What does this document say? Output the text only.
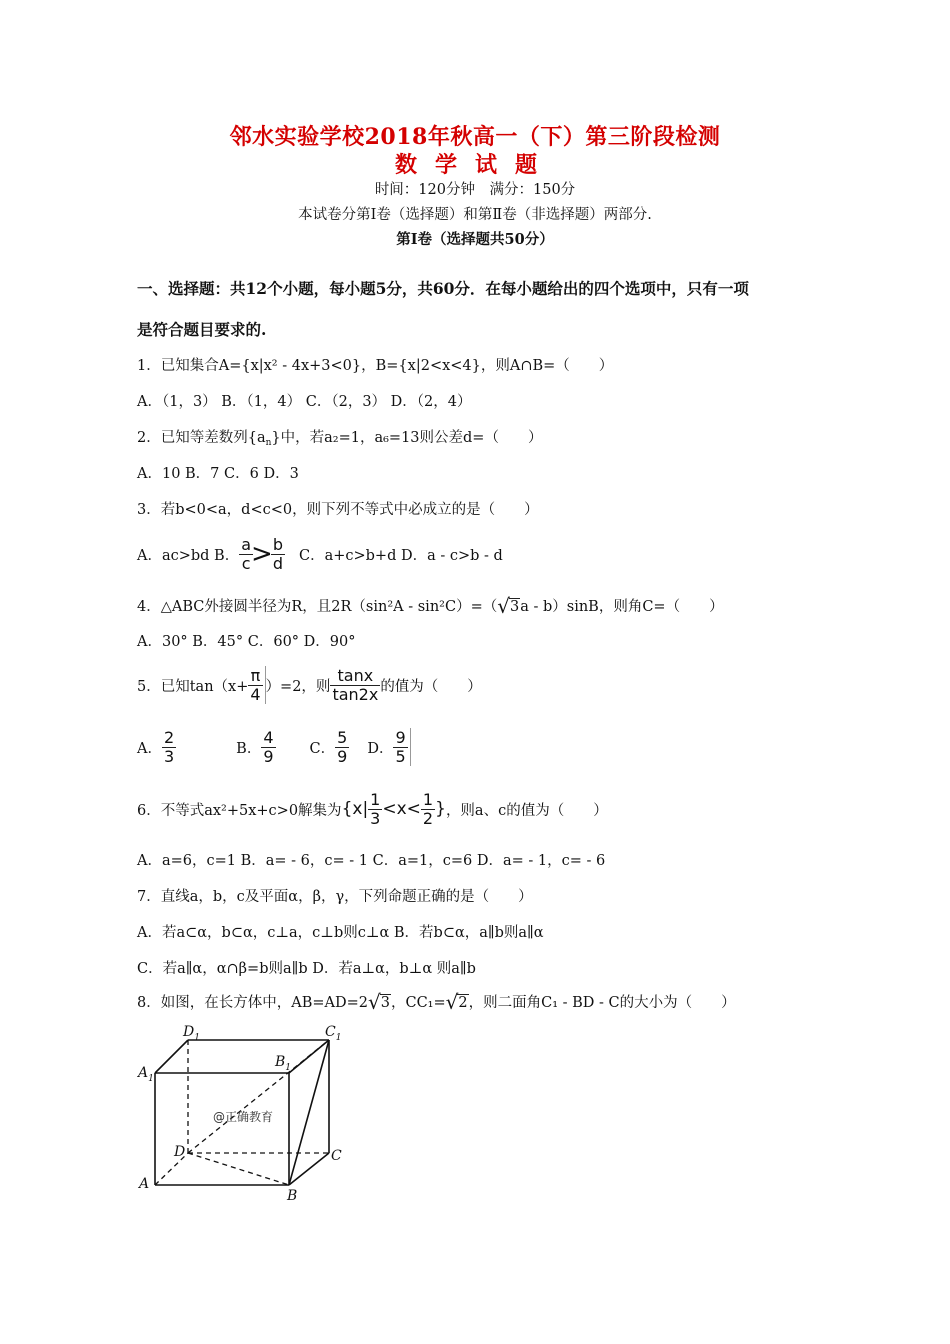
邻水实验学校2018年秋高一（下）第三阶段检测
数学试题
时间：120分钟　满分：150分
本试卷分第Ⅰ卷（选择题）和第Ⅱ卷（非选择题）两部分.
第Ⅰ卷（选择题共50分）
一、选择题：共12个小题，每小题5分，共60分．在每小题给出的四个选项中，只有一项
是符合题目要求的.
1．已知集合A={x|x² - 4x+3<0}，B={x|2<x<4}，则A∩B=（　　）
A．（1，3） B．（1，4） C．（2，3） D．（2，4）
2．已知等差数列$\{a_n\}$中，若a₂=1，a₆=13则公差d=（　　）
A．10 B．7 C．6 D．3
3．若b<0<a，d<c<0，则下列不等式中必成立的是（　　）
A．ac>bd B． $\frac{a}{c}$
>
$\frac{b}{d}$ C．a+c>b+d D．a - c>b - d
4．△ABC外接圆半径为R，且2R（sin²A - sin²C）=（√3a - b）sinB，则角C=（　　）
A．30° B．45° C．60° D．90°
5．已知$\tan(x+ \frac{\pi}{4} )=2$，则 $\frac{\tan x}{\tan 2x}$ 的值为（　　）
A． $\frac{2}{3}$	B． $\frac{4}{9}$ C． $\frac{5}{9}$ D． $\frac{9}{5}$
6．不等式ax²+5x+c>0解集为 {$x| \frac{1}{3} <x< \frac{1}{2}$ } ，则a、c的值为（　　）
A．a=6，c=1 B．a= - 6，c= - 1 C．a=1，c=6 D．a= - 1，c= - 6
7．直线a，b，c及平面α，β，γ，下列命题正确的是（　　）
A．若a⊂α，b⊂α，c⊥a，c⊥b则c⊥α B．若b⊂α，a∥b则a∥α
C．若a∥α，α∩β=b则a∥b D．若a⊥α，b⊥α 则a∥b
8．如图，在长方体中，AB=AD=2√3，CC₁=√2，则二面角C₁ - BD - C的大小为（　　）
@正确教育
$A_1$
$D_1$
$B_1$
$C_1$
D	C
A
B
